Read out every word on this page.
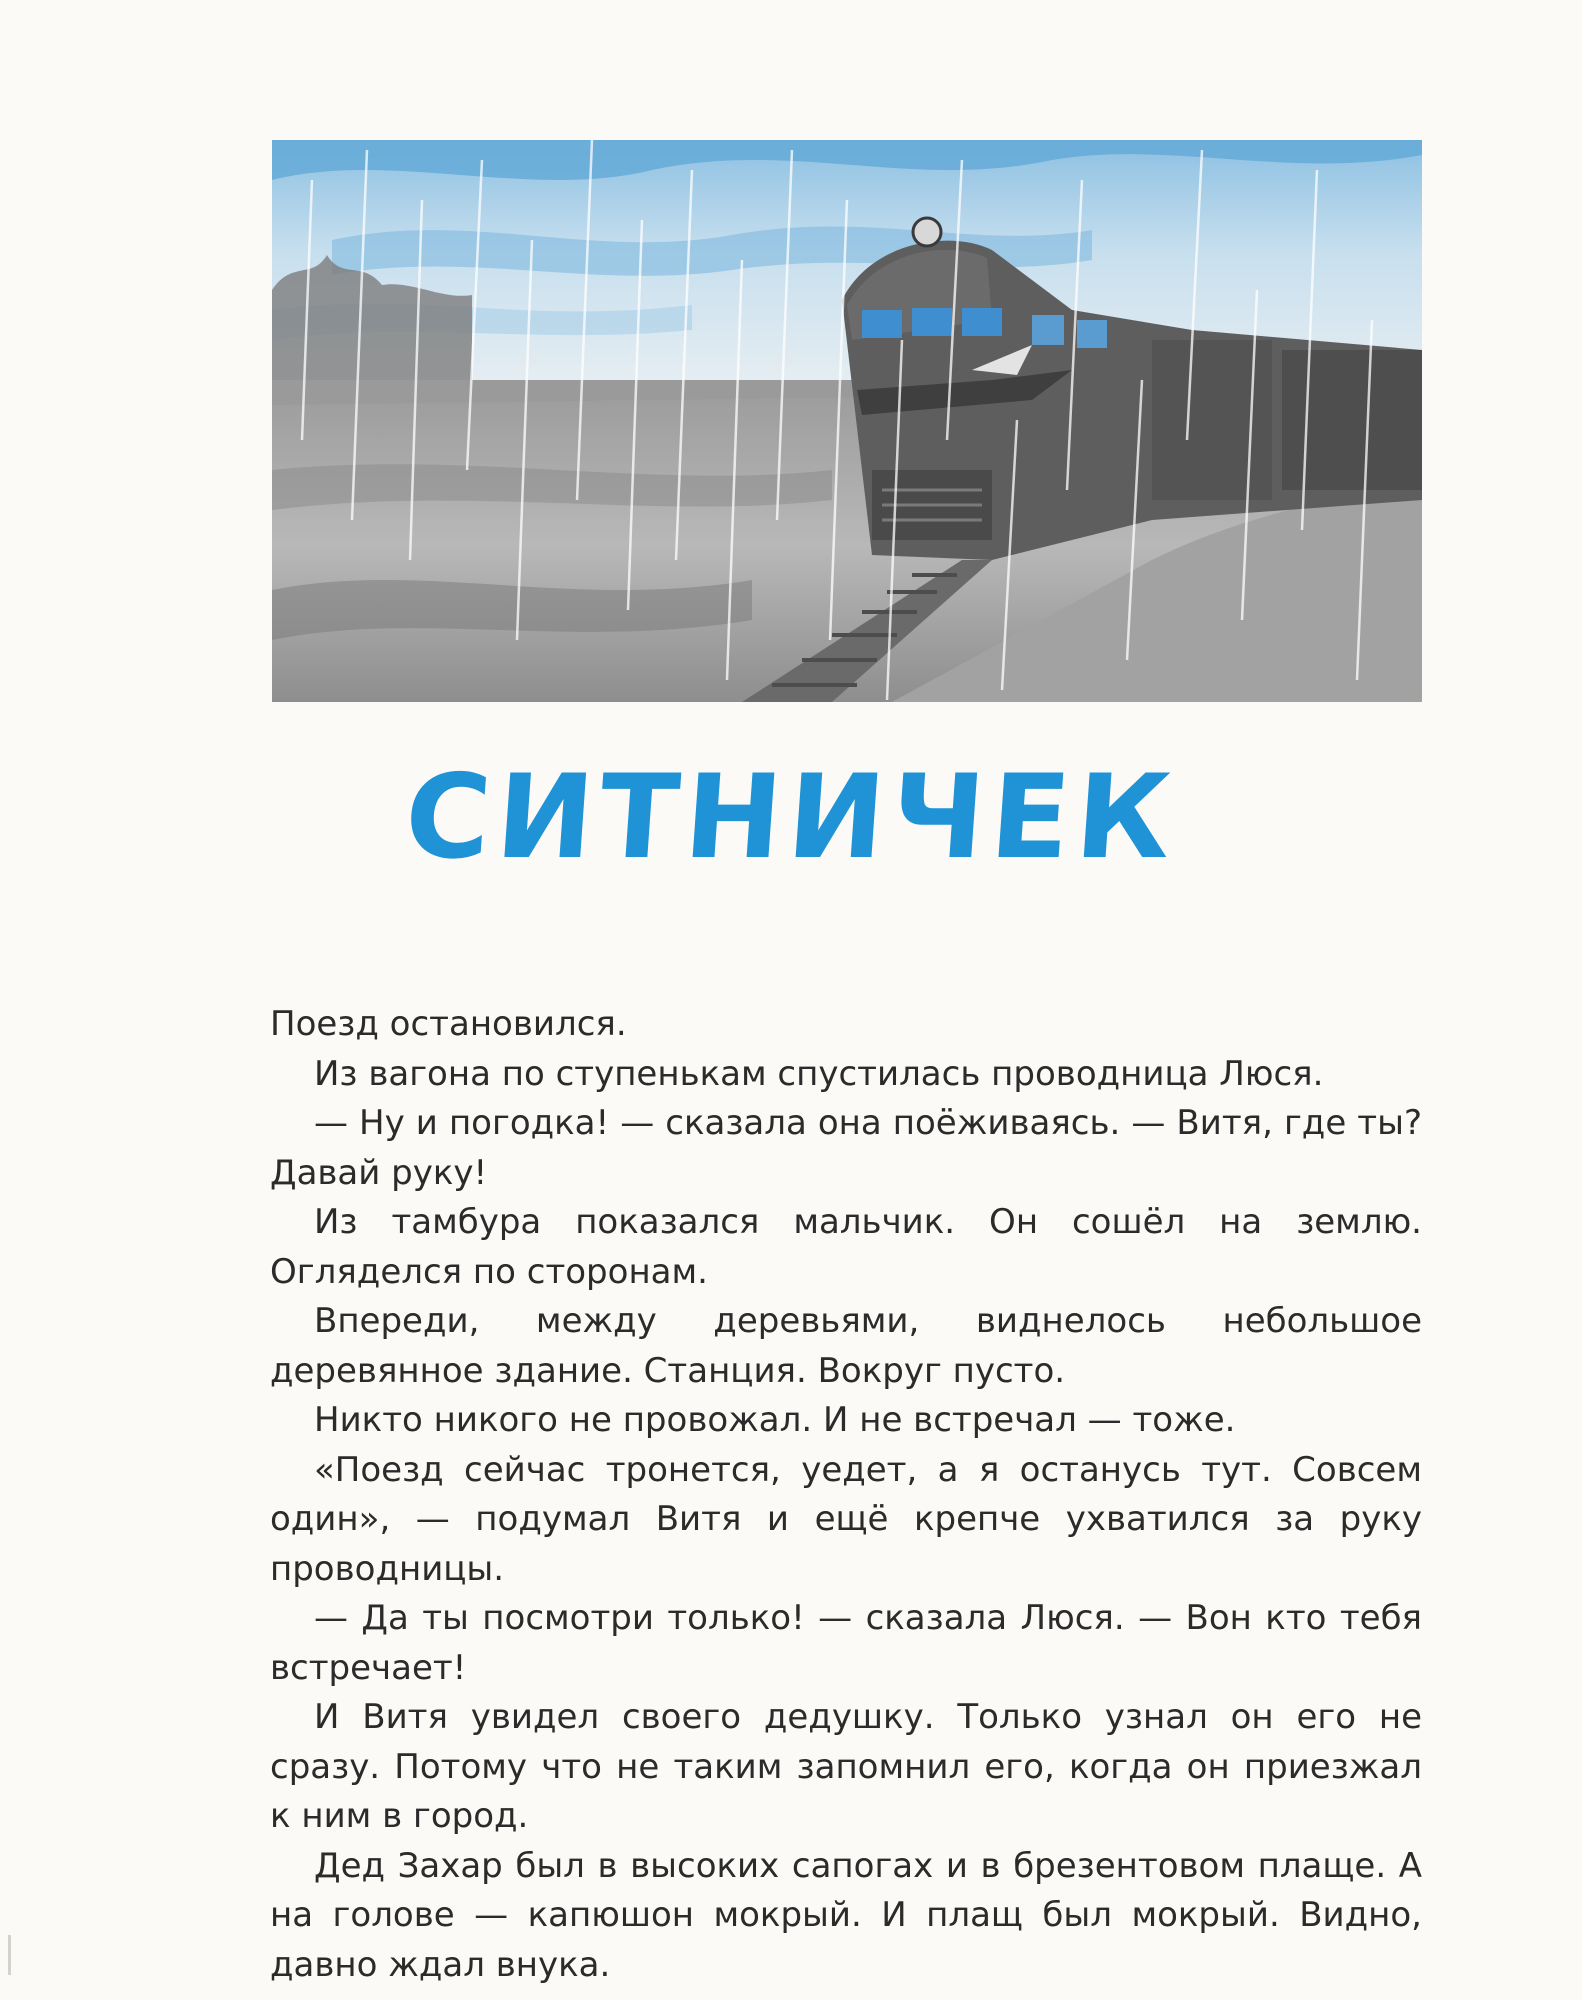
СИТНИЧЕК

Поезд остановился.

Из вагона по ступенькам спустилась проводница Люся.

— Ну и погодка! — сказала она поёживаясь. — Витя, где ты? Давай руку!

Из тамбура показался мальчик. Он сошёл на землю. Огляделся по сторонам.

Впереди, между деревьями, виднелось небольшое деревянное здание. Станция. Вокруг пусто.

Никто никого не провожал. И не встречал — тоже.

«Поезд сейчас тронется, уедет, а я останусь тут. Совсем один», — подумал Витя и ещё крепче ухватился за руку проводницы.

— Да ты посмотри только! — сказала Люся. — Вон кто тебя встречает!

И Витя увидел своего дедушку. Только узнал он его не сразу. Потому что не таким запомнил его, когда он приезжал к ним в город.

Дед Захар был в высоких сапогах и в брезентовом плаще. А на голове — капюшон мокрый. И плащ был мокрый. Видно, давно ждал внука.
